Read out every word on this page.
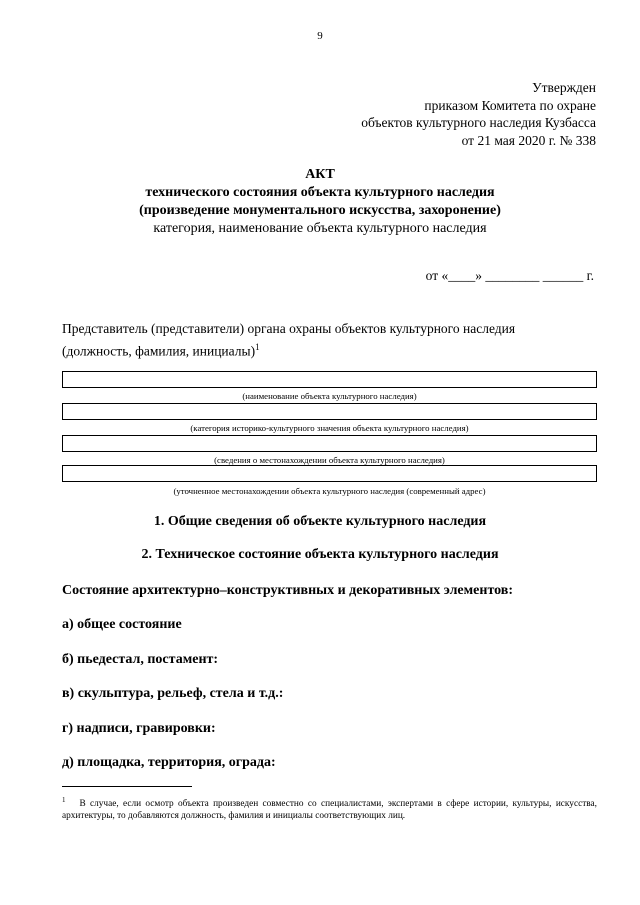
9
Утвержден
приказом Комитета по охране
объектов культурного наследия Кузбасса
от 21 мая 2020 г. № 338
АКТ
технического состояния объекта культурного наследия
(произведение монументального искусства, захоронение)
категория, наименование объекта культурного наследия
от «____» ________ ______ г.
Представитель (представители) органа охраны объектов культурного наследия
(должность, фамилия, инициалы)$^1$
(наименование объекта культурного наследия)
(категория историко-культурного значения объекта культурного наследия)
(сведения о местонахождении объекта культурного наследия)
(уточненное местонахождении объекта культурного наследия (современный адрес)
1. Общие сведения об объекте культурного наследия
2. Техническое состояние объекта культурного наследия
Состояние архитектурно–конструктивных и декоративных элементов:
а) общее состояние
б) пьедестал, постамент:
в) скульптура, рельеф, стела и т.д.:
г) надписи, гравировки:
д) площадка, территория, ограда:
$^1$ В случае, если осмотр объекта произведен совместно со специалистами, экспертами в сфере истории, культуры, искусства, архитектуры, то добавляются должность, фамилия и инициалы соответствующих лиц.
